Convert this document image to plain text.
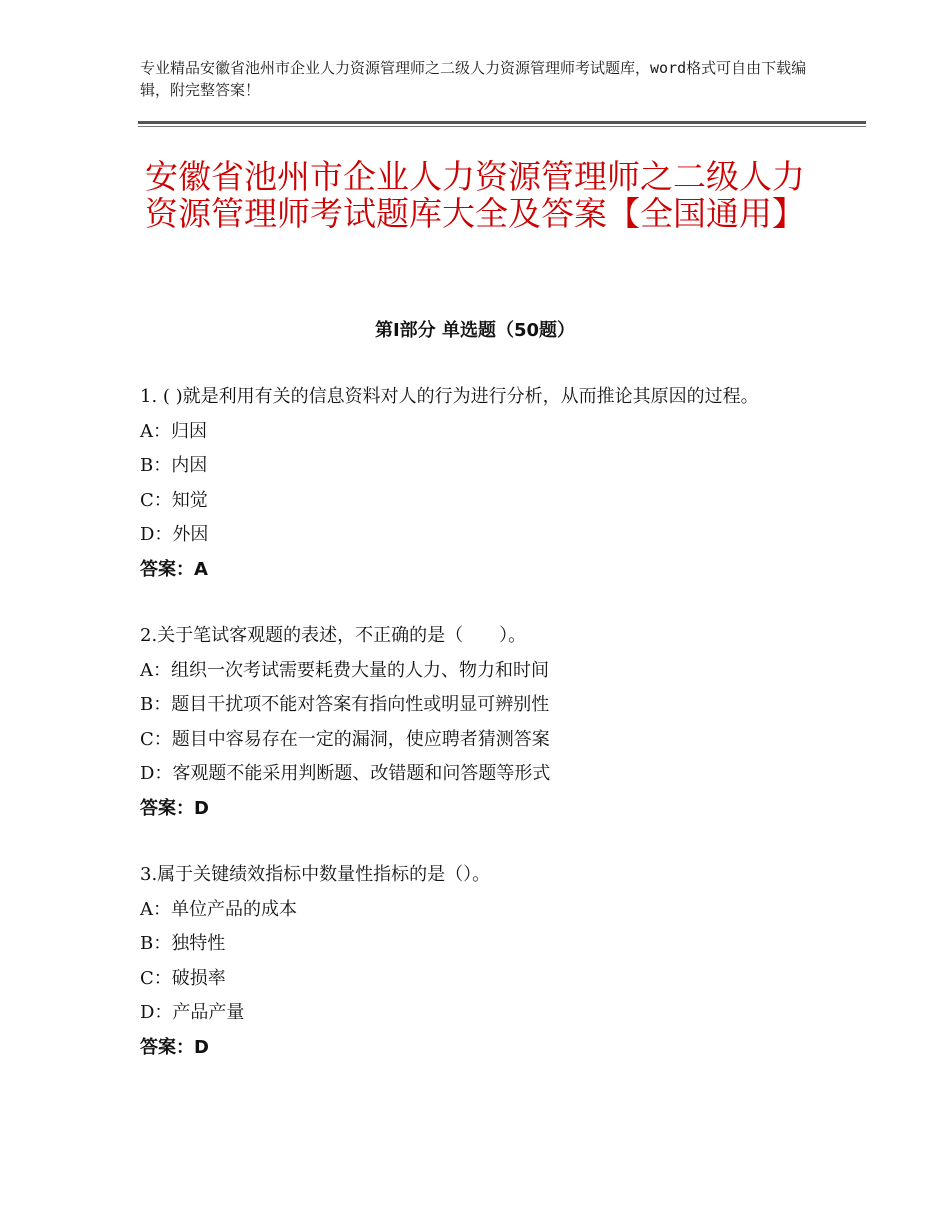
专业精品安徽省池州市企业人力资源管理师之二级人力资源管理师考试题库，word格式可自由下载编辑，附完整答案！
安徽省池州市企业人力资源管理师之二级人力资源管理师考试题库大全及答案【全国通用】
第Ⅰ部分 单选题（50题）

1. ( )就是利用有关的信息资料对人的行为进行分析，从而推论其原因的过程。

A：归因

B：内因

C：知觉

D：外因

答案：A

2.关于笔试客观题的表述，不正确的是（　　）。

A：组织一次考试需要耗费大量的人力、物力和时间

B：题目干扰项不能对答案有指向性或明显可辨别性

C：题目中容易存在一定的漏洞，使应聘者猜测答案

D：客观题不能采用判断题、改错题和问答题等形式

答案：D

3.属于关键绩效指标中数量性指标的是（）。

A：单位产品的成本

B：独特性

C：破损率

D：产品产量

答案：D
